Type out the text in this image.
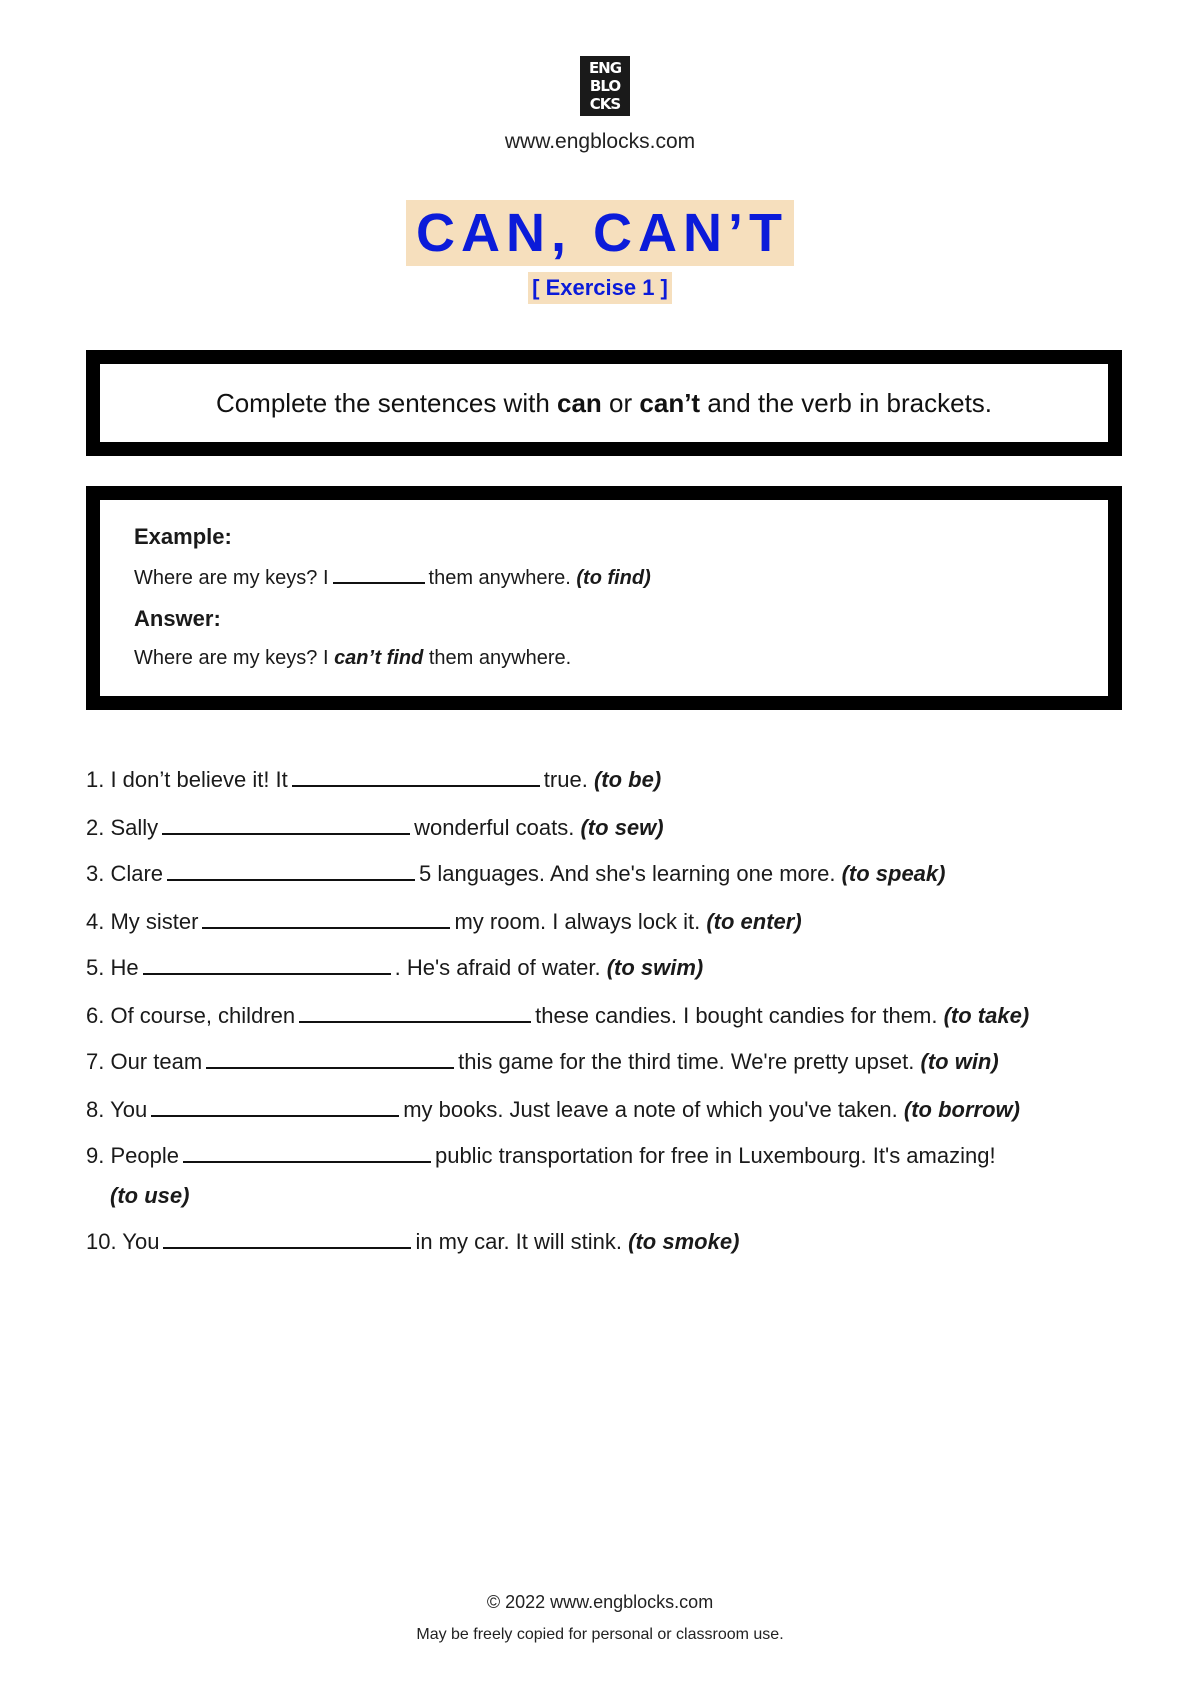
ENG
BLO
CKS
www.engblocks.com
CAN, CAN’T
[ Exercise 1 ]
Complete the sentences with can or can’t and the verb in brackets.
Example:
Where are my keys? I	them anywhere. (to find)
Answer:
Where are my keys? I can’t find them anywhere.

1. I don’t believe it! It	true. (to be)

2. Sally	wonderful coats. (to sew)

3. Clare	5 languages. And she's learning one more. (to speak)

4. My sister	my room. I always lock it. (to enter)

5. He	. He's afraid of water. (to swim)

6. Of course, children	these candies. I bought candies for them. (to take)

7. Our team	this game for the third time. We're pretty upset. (to win)

8. You	my books. Just leave a note of which you've taken. (to borrow)

9. People	public transportation for free in Luxembourg. It's amazing!
(to use)

10. You	in my car. It will stink. (to smoke)

© 2022 www.engblocks.com
May be freely copied for personal or classroom use.
